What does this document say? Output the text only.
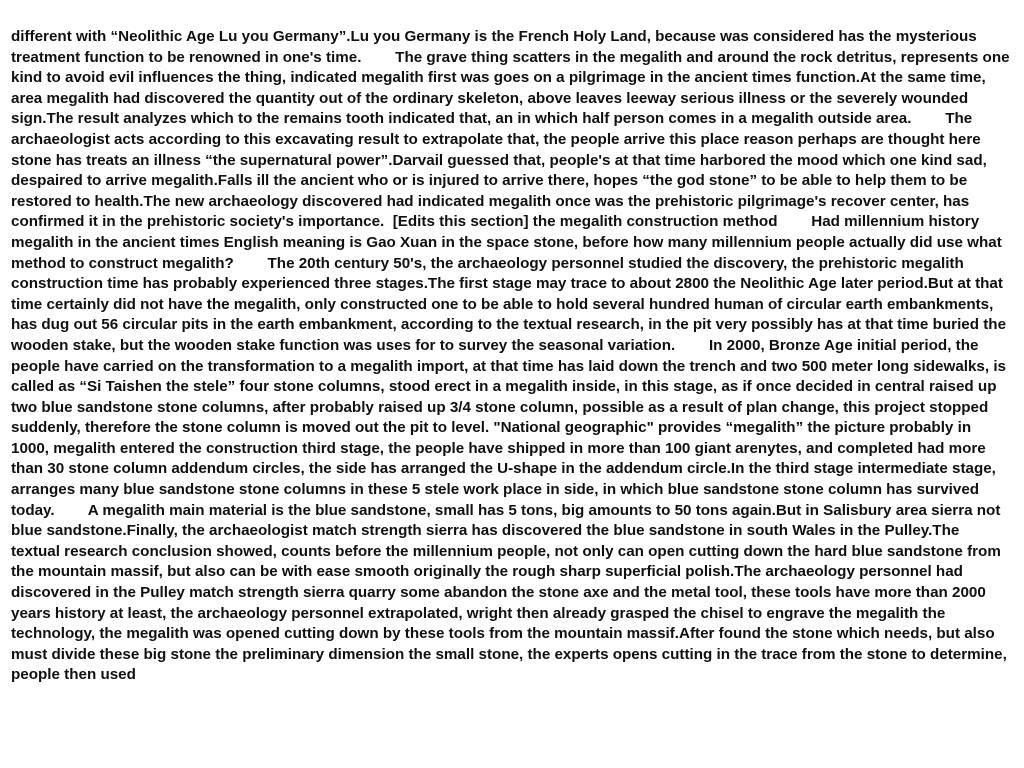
different with “Neolithic Age Lu you Germany”.Lu you Germany is the French Holy Land, because was considered has the mysterious treatment function to be renowned in one's time.        The grave thing scatters in the megalith and around the rock detritus, represents one kind to avoid evil influences the thing, indicated megalith first was goes on a pilgrimage in the ancient times function.At the same time, area megalith had discovered the quantity out of the ordinary skeleton, above leaves leeway serious illness or the severely wounded sign.The result analyzes which to the remains tooth indicated that, an in which half person comes in a megalith outside area.        The archaeologist acts according to this excavating result to extrapolate that, the people arrive this place reason perhaps are thought here stone has treats an illness “the supernatural power”.Darvail guessed that, people's at that time harbored the mood which one kind sad, despaired to arrive megalith.Falls ill the ancient who or is injured to arrive there, hopes “the god stone” to be able to help them to be restored to health.The new archaeology discovered had indicated megalith once was the prehistoric pilgrimage's recover center, has confirmed it in the prehistoric society's importance.  [Edits this section] the megalith construction method        Had millennium history megalith in the ancient times English meaning is Gao Xuan in the space stone, before how many millennium people actually did use what method to construct megalith?        The 20th century 50's, the archaeology personnel studied the discovery, the prehistoric megalith construction time has probably experienced three stages.The first stage may trace to about 2800 the Neolithic Age later period.But at that time certainly did not have the megalith, only constructed one to be able to hold several hundred human of circular earth embankments, has dug out 56 circular pits in the earth embankment, according to the textual research, in the pit very possibly has at that time buried the wooden stake, but the wooden stake function was uses for to survey the seasonal variation.        In 2000, Bronze Age initial period, the people have carried on the transformation to a megalith import, at that time has laid down the trench and two 500 meter long sidewalks, is called as “Si Taishen the stele” four stone columns, stood erect in a megalith inside, in this stage, as if once decided in central raised up two blue sandstone stone columns, after probably raised up 3/4 stone column, possible as a result of plan change, this project stopped suddenly, therefore the stone column is moved out the pit to level. "National geographic" provides “megalith” the picture probably in 1000, megalith entered the construction third stage, the people have shipped in more than 100 giant arenytes, and completed had more than 30 stone column addendum circles, the side has arranged the U-shape in the addendum circle.In the third stage intermediate stage, arranges many blue sandstone stone columns in these 5 stele work place in side, in which blue sandstone stone column has survived today.        A megalith main material is the blue sandstone, small has 5 tons, big amounts to 50 tons again.But in Salisbury area sierra not blue sandstone.Finally, the archaeologist match strength sierra has discovered the blue sandstone in south Wales in the Pulley.The textual research conclusion showed, counts before the millennium people, not only can open cutting down the hard blue sandstone from the mountain massif, but also can be with ease smooth originally the rough sharp superficial polish.The archaeology personnel had discovered in the Pulley match strength sierra quarry some abandon the stone axe and the metal tool, these tools have more than 2000 years history at least, the archaeology personnel extrapolated, wright then already grasped the chisel to engrave the megalith the technology, the megalith was opened cutting down by these tools from the mountain massif.After found the stone which needs, but also must divide these big stone the preliminary dimension the small stone, the experts opens cutting in the trace from the stone to determine, people then used
